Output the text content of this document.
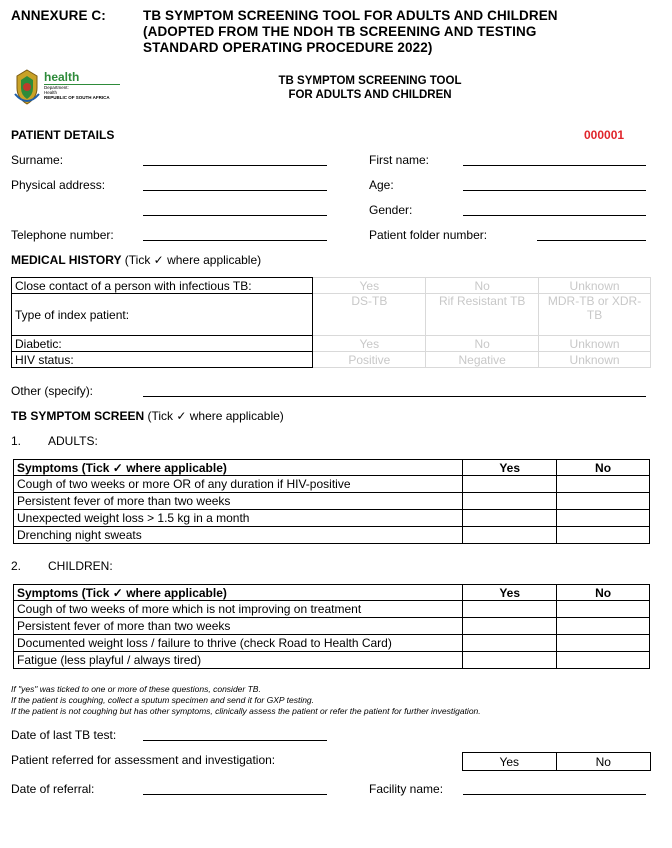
ANNEXURE C:	TB SYMPTOM SCREENING TOOL FOR ADULTS AND CHILDREN
(ADOPTED FROM THE NDOH TB SCREENING AND TESTING
STANDARD OPERATING PROCEDURE 2022)
health
Department:
Health
REPUBLIC OF SOUTH AFRICA
TB SYMPTOM SCREENING TOOL
FOR ADULTS AND CHILDREN
PATIENT DETAILS	000001
Surname:	First name:
Physical address:	Age:
Gender:
Telephone number:	Patient folder number:
MEDICAL HISTORY (Tick ✓ where applicable)
Close contact of a person with infectious TB:	Yes	No	Unknown
Type of index patient:	DS-TB	Rif Resistant TB	MDR-TB or XDR-TB
Diabetic:	Yes	No	Unknown
HIV status:	Positive	Negative	Unknown
Other (specify):
TB SYMPTOM SCREEN (Tick ✓ where applicable)
1. ADULTS:
Symptoms (Tick ✓ where applicable)	Yes	No
Cough of two weeks or more OR of any duration if HIV-positive		
Persistent fever of more than two weeks		
Unexpected weight loss > 1.5 kg in a month		
Drenching night sweats		
2. CHILDREN:
Symptoms (Tick ✓ where applicable)	Yes	No
Cough of two weeks of more which is not improving on treatment		
Persistent fever of more than two weeks		
Documented weight loss / failure to thrive (check Road to Health Card)		
Fatigue (less playful / always tired)		
If "yes" was ticked to one or more of these questions, consider TB.
If the patient is coughing, collect a sputum specimen and send it for GXP testing.
If the patient is not coughing but has other symptoms, clinically assess the patient or refer the patient for further investigation.
Date of last TB test:
Patient referred for assessment and investigation:	Yes	No
Date of referral:	Facility name:
